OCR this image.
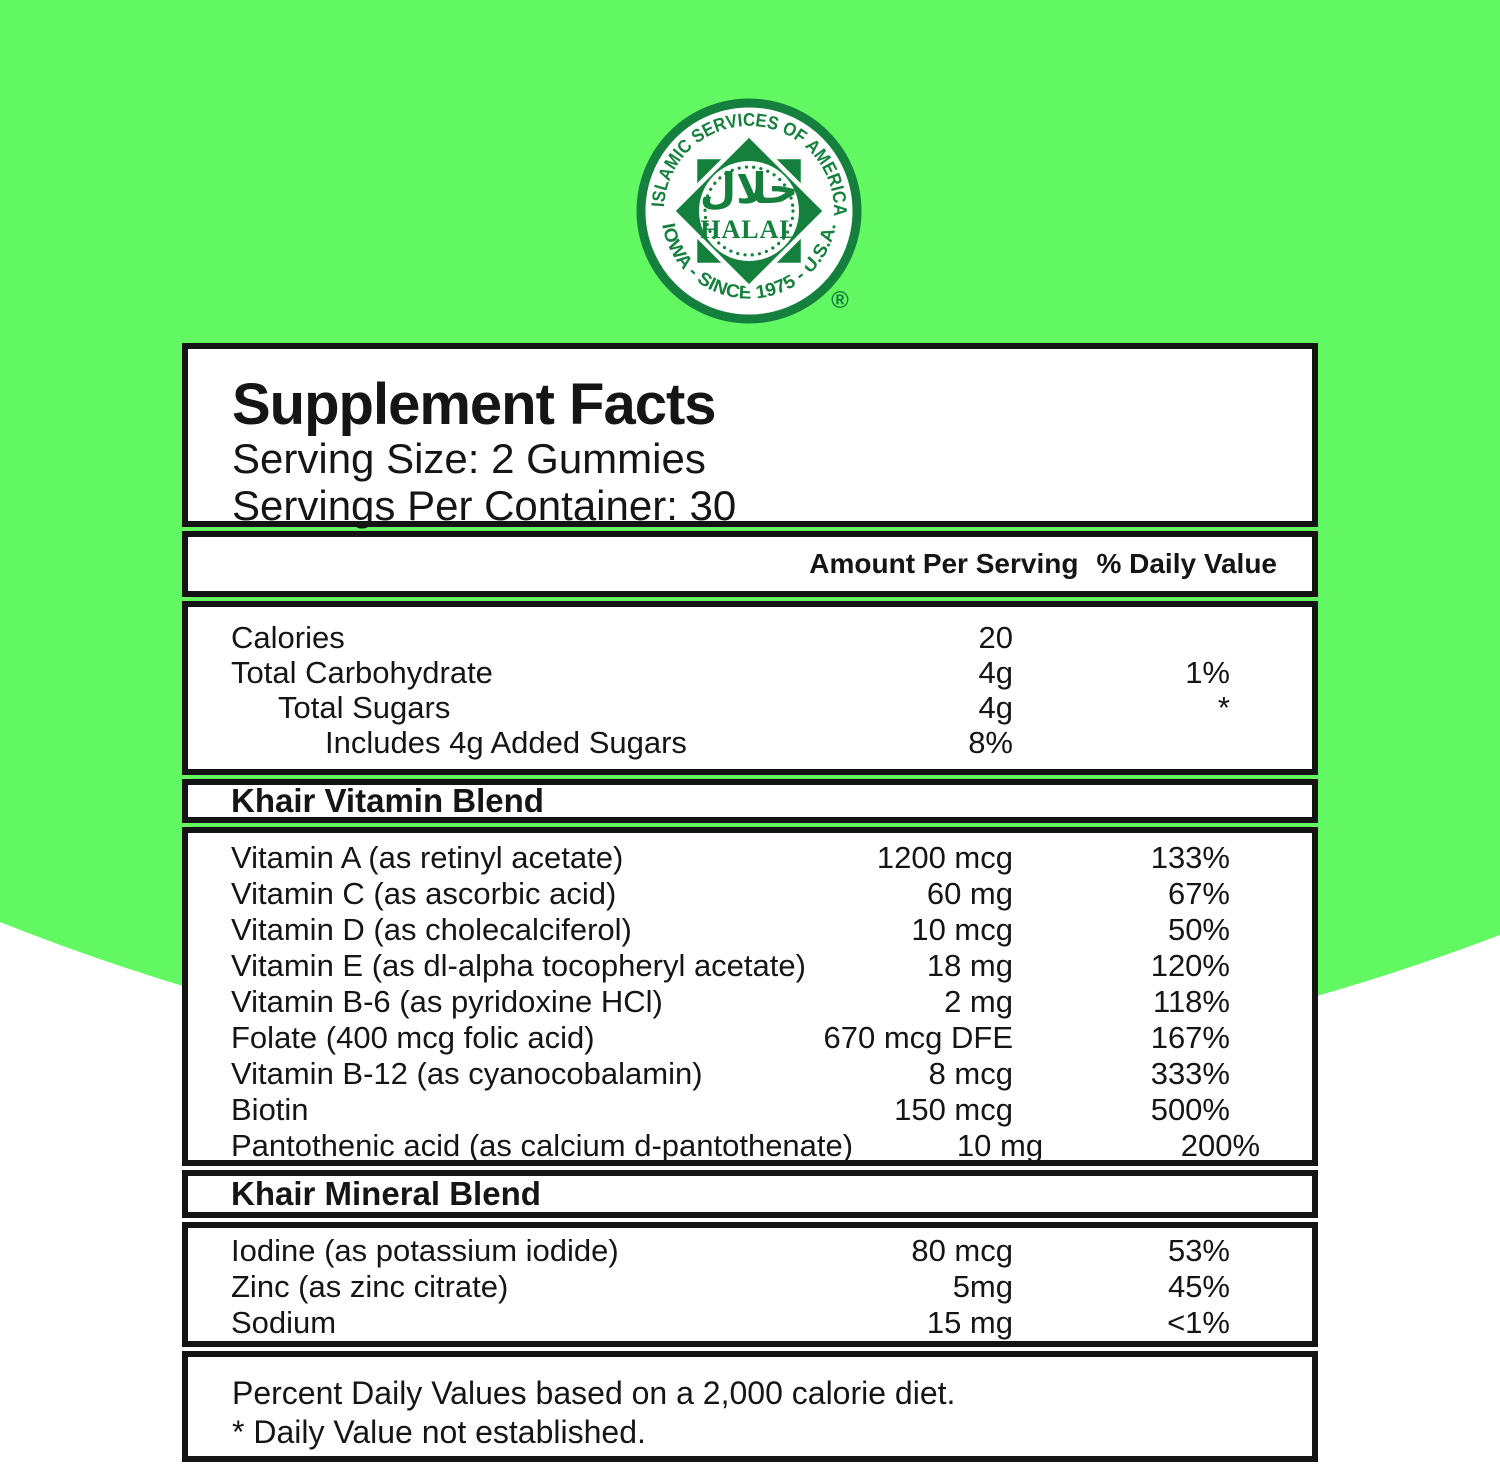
ISLAMIC SERVICES OF AMERICA
IOWA - SINCE 1975 - U.S.A.
حلال
HALAL
®
Supplement Facts
Serving Size: 2 Gummies
Servings Per Container: 30
Amount Per Serving % Daily Value
Calories	20
Total Carbohydrate	4g	1%
Total Sugars	4g	*
Includes 4g Added Sugars	8%
Khair Vitamin Blend
Vitamin A (as retinyl acetate)	1200 mcg	133%
Vitamin C (as ascorbic acid)	60 mg	67%
Vitamin D (as cholecalciferol)	10 mcg	50%
Vitamin E (as dl-alpha tocopheryl acetate)	18 mg	120%
Vitamin B-6 (as pyridoxine HCl)	2 mg	118%
Folate (400 mcg folic acid)	670 mcg DFE	167%
Vitamin B-12 (as cyanocobalamin)	8 mcg	333%
Biotin	150 mcg	500%
Pantothenic acid (as calcium d-pantothenate)	10 mg	200%
Khair Mineral Blend
Iodine (as potassium iodide)	80 mcg	53%
Zinc (as zinc citrate)	5mg	45%
Sodium	15 mg	<1%
Percent Daily Values based on a 2,000 calorie diet.
* Daily Value not established.
